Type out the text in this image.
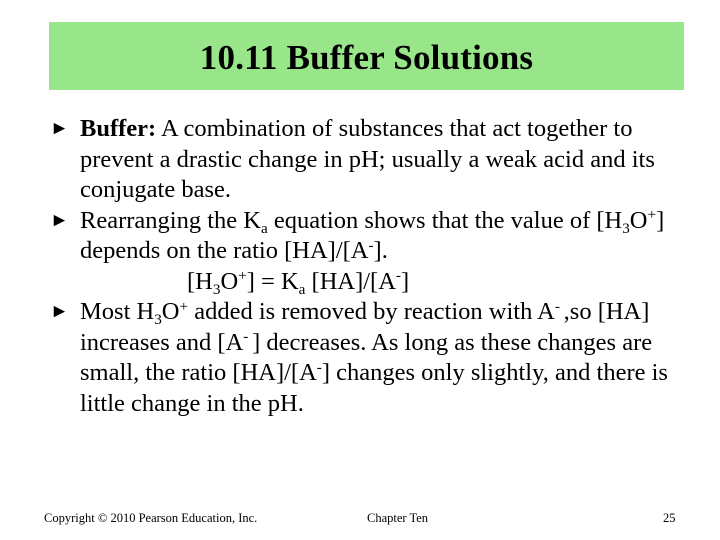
10.11 Buffer Solutions
► Buffer: A combination of substances that act together to prevent a drastic change in pH; usually a weak acid and its conjugate base.
► Rearranging the $K_a$ equation shows that the value of $[H_3O^+]$ depends on the ratio [HA]/[A-].
$[H_3O^+] = K_a$ [HA]/[A-]
► Most $H_3O^+$ added is removed by reaction with A- ,so [HA] increases and [A- ] decreases. As long as these changes are small, the ratio [HA]/[A-] changes only slightly, and there is little change in the pH.
Copyright © 2010 Pearson Education, Inc.	Chapter Ten	25
